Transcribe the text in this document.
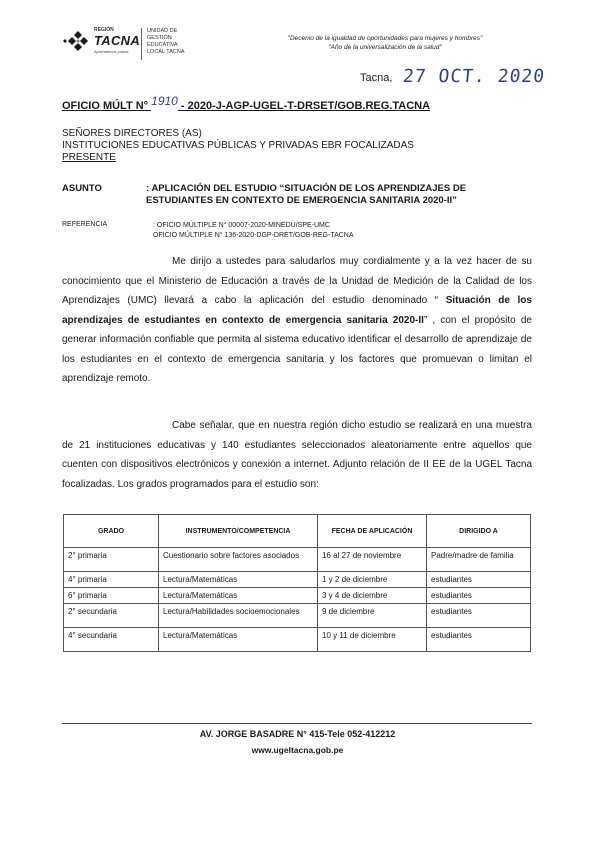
REGIÓN
TACNA
Aprendemos juntos
UNIDAD DE
GESTIÓN
EDUCATIVA
LOCAL TACNA
"Decenio de la igualdad de oportunidades para mujeres y hombres"
"Año de la universalización de la salud"
Tacna, 27 OCT. 2020
OFICIO MÚLT N° 1910 - 2020-J-AGP-UGEL-T-DRSET/GOB.REG.TACNA
SEÑORES DIRECTORES (AS)
INSTITUCIONES EDUCATIVAS PÚBLICAS Y PRIVADAS EBR FOCALIZADAS
PRESENTE
ASUNTO	: APLICACIÓN DEL ESTUDIO “SITUACIÓN DE LOS APRENDIZAJES DE ESTUDIANTES EN CONTEXTO DE EMERGENCIA SANITARIA 2020-II”
REFERENCIA	: OFICIO MÚLTIPLE N° 00007-2020-MINEDU/SPE-UMC
OFICIO MÚLTIPLE N° 136-2020-DGP-DRET/GOB-REG-TACNA

Me dirijo a ustedes para saludarlos muy cordialmente y a la vez hacer de su conocimiento que el Ministerio de Educación a través de la Unidad de Medición de la Calidad de los Aprendizajes (UMC) llevará a cabo la aplicación del estudio denominado “ Situación de los aprendizajes de estudiantes en contexto de emergencia sanitaria 2020-II” , con el propósito de generar información confiable que permita al sistema educativo identificar el desarrollo de aprendizaje de los estudiantes en el contexto de emergencia sanitaria y los factores que promuevan o limitan el aprendizaje remoto.

Cabe señalar, que en nuestra región dicho estudio se realizará en una muestra de 21 instituciones educativas y 140 estudiantes seleccionados aleatoriamente entre aquellos que cuenten con dispositivos electrónicos y conexión a internet. Adjunto relación de II EE de la UGEL Tacna focalizadas. Los grados programados para el estudio son:

GRADO	INSTRUMENTO/COMPETENCIA	FECHA DE APLICACIÓN	DIRIGIDO A
2° primaria	Cuestionario sobre factores asociados	16 al 27 de noviembre	Padre/madre de familia
4° primaria	Lectura/Matemáticas	1 y 2 de diciembre	estudiantes
6° primaria	Lectura/Matemáticas	3 y 4 de diciembre	estudiantes
2° secundaria	Lectura/Habilidades socioemocionales	9 de diciembre	estudiantes
4° secundaria	Lectura/Matemáticas	10 y 11 de diciembre	estudiantes
AV. JORGE BASADRE N° 415-Tele 052-412212
www.ugeltacna.gob.pe
